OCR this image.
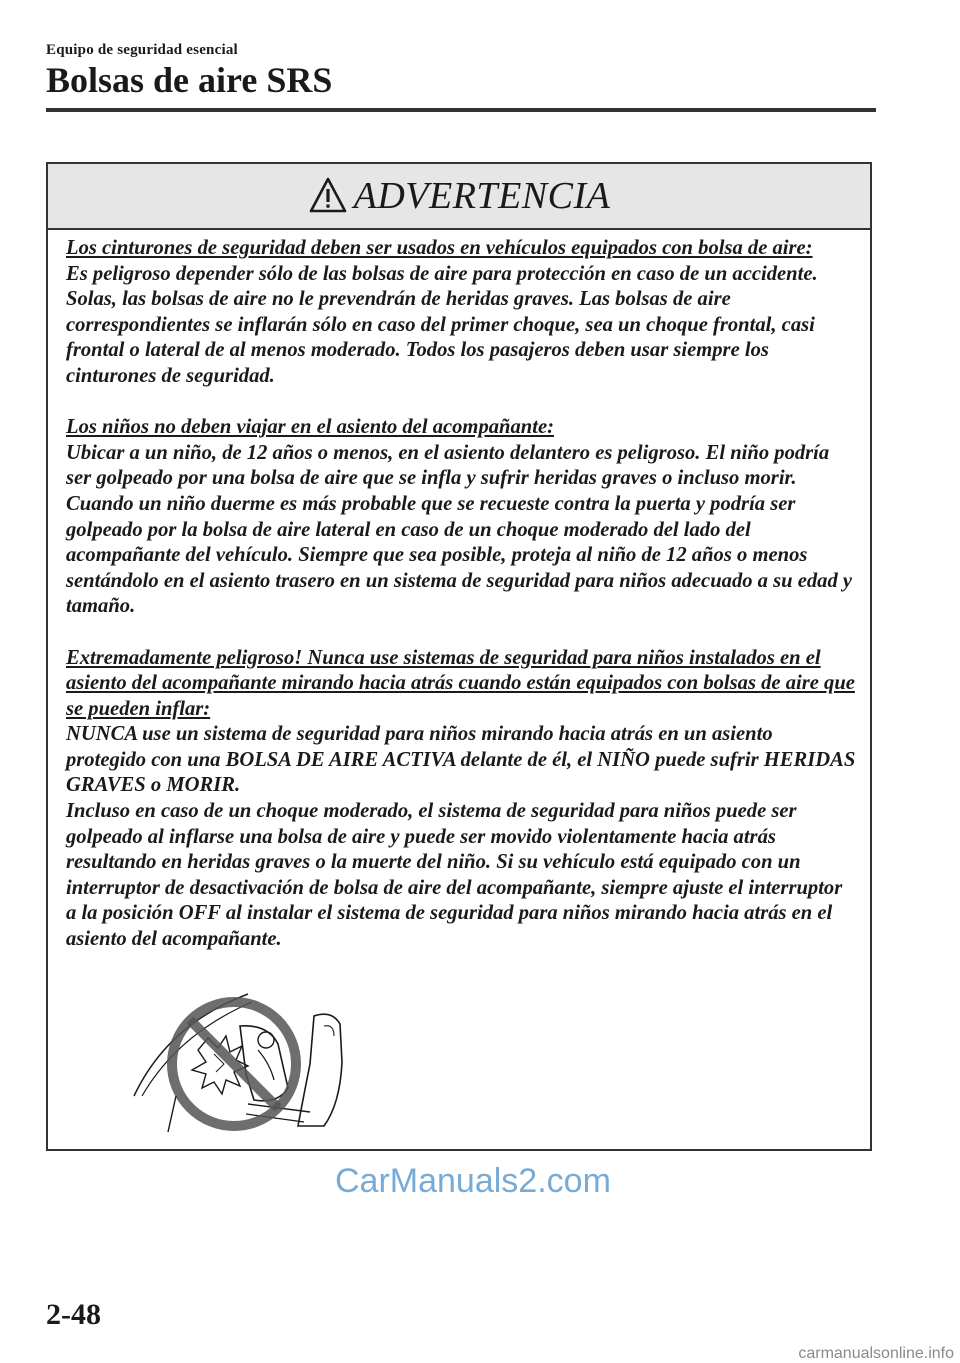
Equipo de seguridad esencial
Bolsas de aire SRS
ADVERTENCIA

Los cinturones de seguridad deben ser usados en vehículos equipados con bolsa de aire:
Es peligroso depender sólo de las bolsas de aire para protección en caso de un accidente. Solas, las bolsas de aire no le prevendrán de heridas graves. Las bolsas de aire correspondientes se inflarán sólo en caso del primer choque, sea un choque frontal, casi frontal o lateral de al menos moderado. Todos los pasajeros deben usar siempre los cinturones de seguridad.

Los niños no deben viajar en el asiento del acompañante:
Ubicar a un niño, de 12 años o menos, en el asiento delantero es peligroso. El niño podría ser golpeado por una bolsa de aire que se infla y sufrir heridas graves o incluso morir. Cuando un niño duerme es más probable que se recueste contra la puerta y podría ser golpeado por la bolsa de aire lateral en caso de un choque moderado del lado del acompañante del vehículo. Siempre que sea posible, proteja al niño de 12 años o menos sentándolo en el asiento trasero en un sistema de seguridad para niños adecuado a su edad y tamaño.

Extremadamente peligroso! Nunca use sistemas de seguridad para niños instalados en el asiento del acompañante mirando hacia atrás cuando están equipados con bolsas de aire que se pueden inflar:
NUNCA use un sistema de seguridad para niños mirando hacia atrás en un asiento protegido con una BOLSA DE AIRE ACTIVA delante de él, el NIÑO puede sufrir HERIDAS GRAVES o MORIR.
Incluso en caso de un choque moderado, el sistema de seguridad para niños puede ser golpeado al inflarse una bolsa de aire y puede ser movido violentamente hacia atrás resultando en heridas graves o la muerte del niño. Si su vehículo está equipado con un interruptor de desactivación de bolsa de aire del acompañante, siempre ajuste el interruptor a la posición OFF al instalar el sistema de seguridad para niños mirando hacia atrás en el asiento del acompañante.

CarManuals2.com
2-48
carmanualsonline.info
